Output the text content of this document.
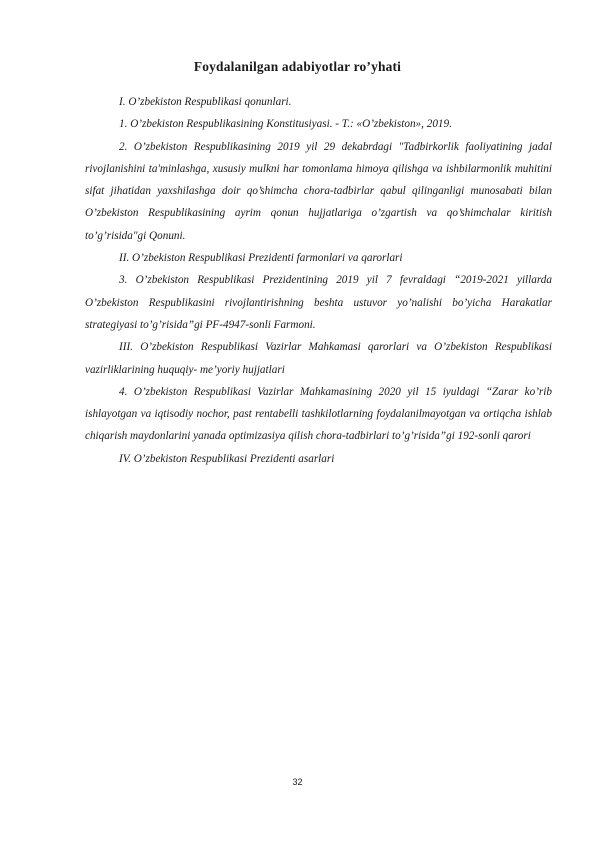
Foydalanilgan adabiyotlar ro’yhati

I. O’zbekiston Respublikasi qonunlari.

1. O’zbekiston Respublikasining Konstitusiyasi. - T.: «O’zbekiston», 2019.

2. O’zbekiston Respublikasining 2019 yil 29 dekabrdagi "Tadbirkorlik faoliyatining jadal rivojlanishini ta'minlashga, xususiy mulkni har tomonlama himoya qilishga va ishbilarmonlik muhitini sifat jihatidan yaxshilashga doir qo’shimcha chora-tadbirlar qabul qilinganligi munosabati bilan O’zbekiston Respublikasining ayrim qonun hujjatlariga o’zgartish va qo’shimchalar kiritish to’g’risida"gi Qonuni.

II. O’zbekiston Respublikasi Prezidenti farmonlari va qarorlari

3. O’zbekiston Respublikasi Prezidentining 2019 yil 7 fevraldagi “2019-2021 yillarda O’zbekiston Respublikasini rivojlantirishning beshta ustuvor yo’nalishi bo’yicha Harakatlar strategiyasi to’g’risida”gi PF-4947-sonli Farmoni.

III. O’zbekiston Respublikasi Vazirlar Mahkamasi qarorlari va O’zbekiston Respublikasi vazirliklarining huquqiy- me’yoriy hujjatlari

4. O’zbekiston Respublikasi Vazirlar Mahkamasining 2020 yil 15 iyuldagi “Zarar ko’rib ishlayotgan va iqtisodiy nochor, past rentabelli tashkilotlarning foydalanilmayotgan va ortiqcha ishlab chiqarish maydonlarini yanada optimizasiya qilish chora-tadbirlari to’g’risida”gi 192-sonli qarori

IV. O’zbekiston Respublikasi Prezidenti asarlari

32
